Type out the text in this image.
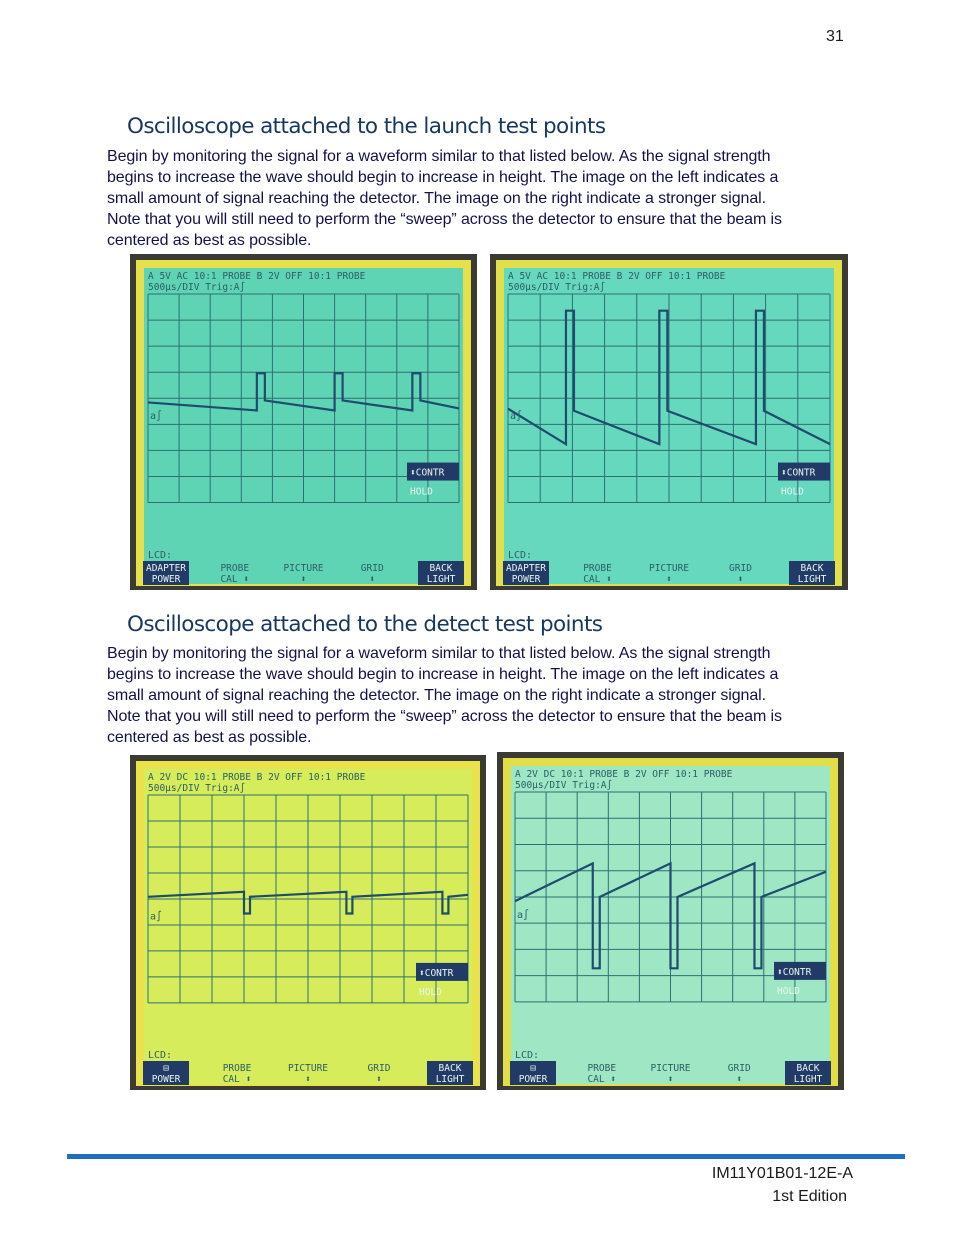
31
Oscilloscope attached to the launch test points
Begin by monitoring the signal for a waveform similar to that listed below. As the signal strength
begins to increase the wave should begin to increase in height. The image on the left indicates a
small amount of signal reaching the detector. The image on the right indicate a stronger signal.
Note that you will still need to perform the “sweep” across the detector to ensure that the beam is
centered as best as possible.
A 5V AC 10:1 PROBE B 2V OFF 10:1 PROBE
500μs/DIV Trig:A∫
a∫
⬍CONTR
HOLD
LCD:
ADAPTER
POWER
PROBE
CAL ⬍
PICTURE
⬍
GRID
⬍
BACK
LIGHT
A 5V AC 10:1 PROBE B 2V OFF 10:1 PROBE
500μs/DIV Trig:A∫
a∫
⬍CONTR
HOLD
LCD:
ADAPTER
POWER
PROBE
CAL ⬍
PICTURE
⬍
GRID
⬍
BACK
LIGHT
Oscilloscope attached to the detect test points
Begin by monitoring the signal for a waveform similar to that listed below. As the signal strength
begins to increase the wave should begin to increase in height. The image on the left indicates a
small amount of signal reaching the detector. The image on the right indicate a stronger signal.
Note that you will still need to perform the “sweep” across the detector to ensure that the beam is
centered as best as possible.
A 2V DC 10:1 PROBE B 2V OFF 10:1 PROBE
500μs/DIV Trig:A∫
a∫
⬍CONTR
HOLD
LCD:
⊟
POWER
PROBE
CAL ⬍
PICTURE
⬍
GRID
⬍
BACK
LIGHT
A 2V DC 10:1 PROBE B 2V OFF 10:1 PROBE
500μs/DIV Trig:A∫
a∫
⬍CONTR
HOLD
LCD:
⊟
POWER
PROBE
CAL ⬍
PICTURE
⬍
GRID
⬍
BACK
LIGHT
IM11Y01B01-12E-A
1st Edition
